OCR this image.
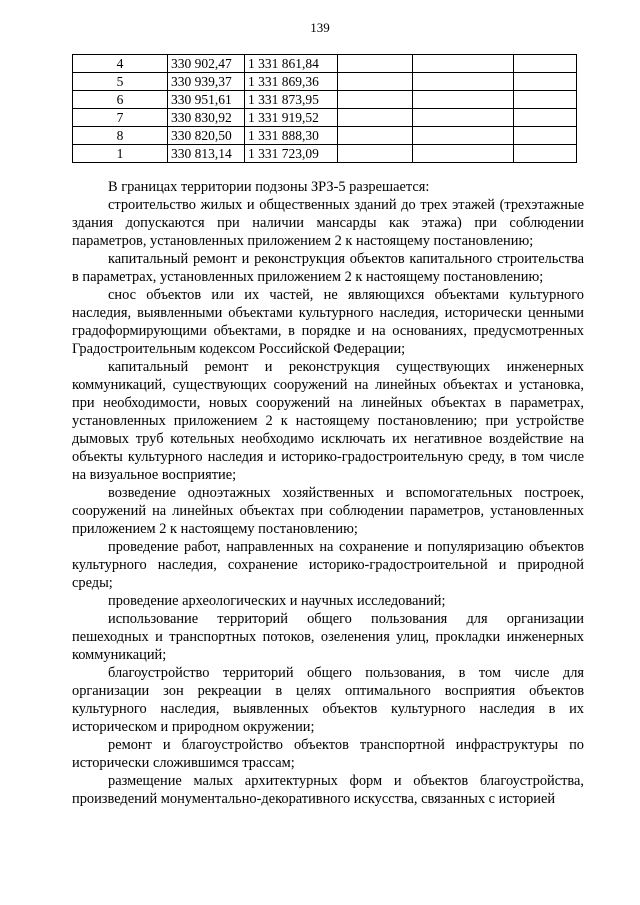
139
4	330 902,47	1 331 861,84			
5	330 939,37	1 331 869,36			
6	330 951,61	1 331 873,95			
7	330 830,92	1 331 919,52			
8	330 820,50	1 331 888,30			
1	330 813,14	1 331 723,09			

В границах территории подзоны ЗРЗ-5 разрешается:

строительство жилых и общественных зданий до трех этажей (трехэтажные здания допускаются при наличии мансарды как этажа) при соблюдении параметров, установленных приложением 2 к настоящему постановлению;

капитальный ремонт и реконструкция объектов капитального строительства в параметрах, установленных приложением 2 к настоящему постановлению;

снос объектов или их частей, не являющихся объектами культурного наследия, выявленными объектами культурного наследия, исторически ценными градоформирующими объектами, в порядке и на основаниях, предусмотренных Градостроительным кодексом Российской Федерации;

капитальный ремонт и реконструкция существующих инженерных коммуникаций, существующих сооружений на линейных объектах и установка, при необходимости, новых сооружений на линейных объектах в параметрах, установленных приложением 2 к настоящему постановлению; при устройстве дымовых труб котельных необходимо исключать их негативное воздействие на объекты культурного наследия и историко-градостроительную среду, в том числе на визуальное восприятие;

возведение одноэтажных хозяйственных и вспомогательных построек, сооружений на линейных объектах при соблюдении параметров, установленных приложением 2 к настоящему постановлению;

проведение работ, направленных на сохранение и популяризацию объектов культурного наследия, сохранение историко-градостроительной и природной среды;

проведение археологических и научных исследований;

использование территорий общего пользования для организации пешеходных и транспортных потоков, озеленения улиц, прокладки инженерных коммуникаций;

благоустройство территорий общего пользования, в том числе для организации зон рекреации в целях оптимального восприятия объектов культурного наследия, выявленных объектов культурного наследия в их историческом и природном окружении;

ремонт и благоустройство объектов транспортной инфраструктуры по исторически сложившимся трассам;

размещение малых архитектурных форм и объектов благоустройства, произведений монументально-декоративного искусства, связанных с историей
